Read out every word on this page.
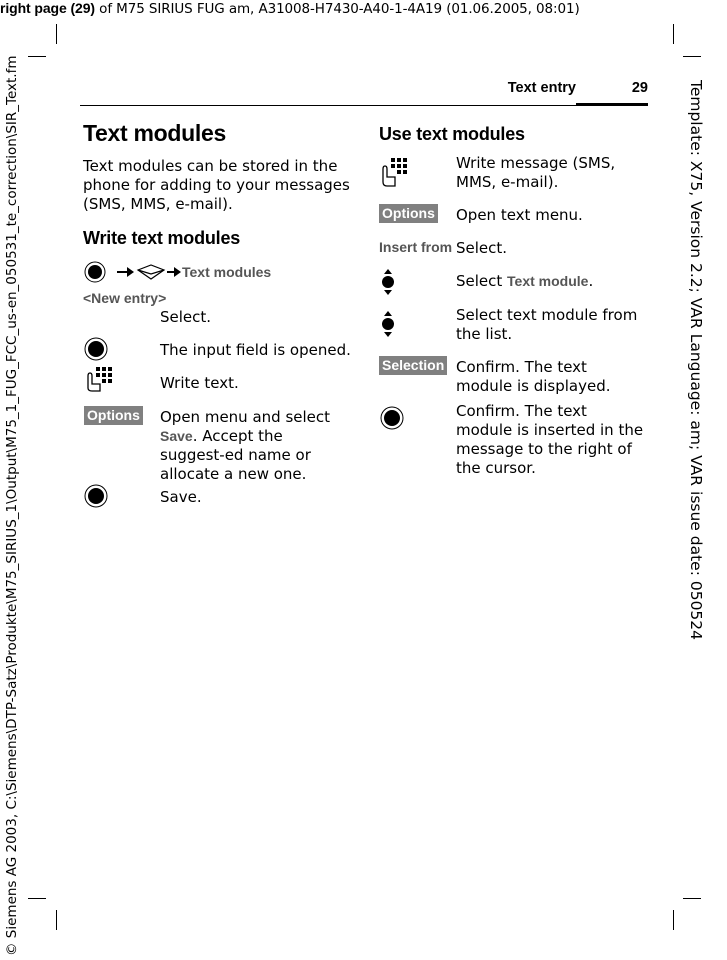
right page (29) of M75 SIRIUS FUG am, A31008-H7430-A40-1-4A19 (01.06.2005, 08:01)
Template: X75, Version 2.2; VAR Language: am; VAR issue date: 050524
© Siemens AG 2003, C:\Siemens\DTP-Satz\Produkte\M75_SIRIUS_1\Output\M75_1_FUG_FCC_us-en_050531_te_correction\SIR_Text.fm	Text entry	29
Text modules
Text modules can be stored in the phone for adding to your messages (SMS, MMS, e-mail).
Write text modules
Text modules
<New entry>
Select.
The input field is opened.
Write text.
Options Open menu and select Save. Accept the suggest-ed name or allocate a new one.
Save.
Use text modules
Write message (SMS, MMS, e-mail).
Options Open text menu.
Insert from Select.
Select Text module.
Select text module from the list.
Selection Confirm. The text module is displayed.
Confirm. The text module is inserted in the message to the right of the cursor.
